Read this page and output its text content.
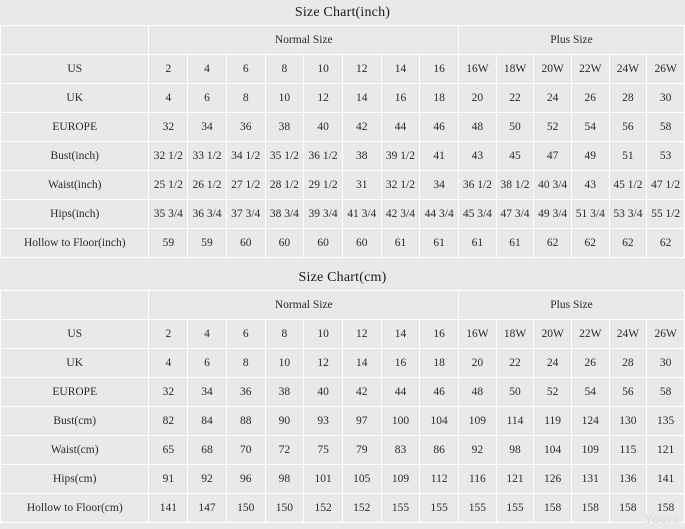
Size Chart(inch)
	Normal Size								Plus Size					
US	2	4	6	8	10	12	14	16	16W	18W	20W	22W	24W	26W
UK	4	6	8	10	12	14	16	18	20	22	24	26	28	30
EUROPE	32	34	36	38	40	42	44	46	48	50	52	54	56	58
Bust(inch)	32 1/2	33 1/2	34 1/2	35 1/2	36 1/2	38	39 1/2	41	43	45	47	49	51	53
Waist(inch)	25 1/2	26 1/2	27 1/2	28 1/2	29 1/2	31	32 1/2	34	36 1/2	38 1/2	40 3/4	43	45 1/2	47 1/2
Hips(inch)	35 3/4	36 3/4	37 3/4	38 3/4	39 3/4	41 3/4	42 3/4	44 3/4	45 3/4	47 3/4	49 3/4	51 3/4	53 3/4	55 1/2
Hollow to Floor(inch)	59	59	60	60	60	60	61	61	61	61	62	62	62	62
Size Chart(cm)
	Normal Size								Plus Size					
US	2	4	6	8	10	12	14	16	16W	18W	20W	22W	24W	26W
UK	4	6	8	10	12	14	16	18	20	22	24	26	28	30
EUROPE	32	34	36	38	40	42	44	46	48	50	52	54	56	58
Bust(cm)	82	84	88	90	93	97	100	104	109	114	119	124	130	135
Waist(cm)	65	68	70	72	75	79	83	86	92	98	104	109	115	121
Hips(cm)	91	92	96	98	101	105	109	112	116	121	126	131	136	141
Hollow to Floor(cm)	141	147	150	150	152	152	155	155	155	155	158	158	158	158
Yours
